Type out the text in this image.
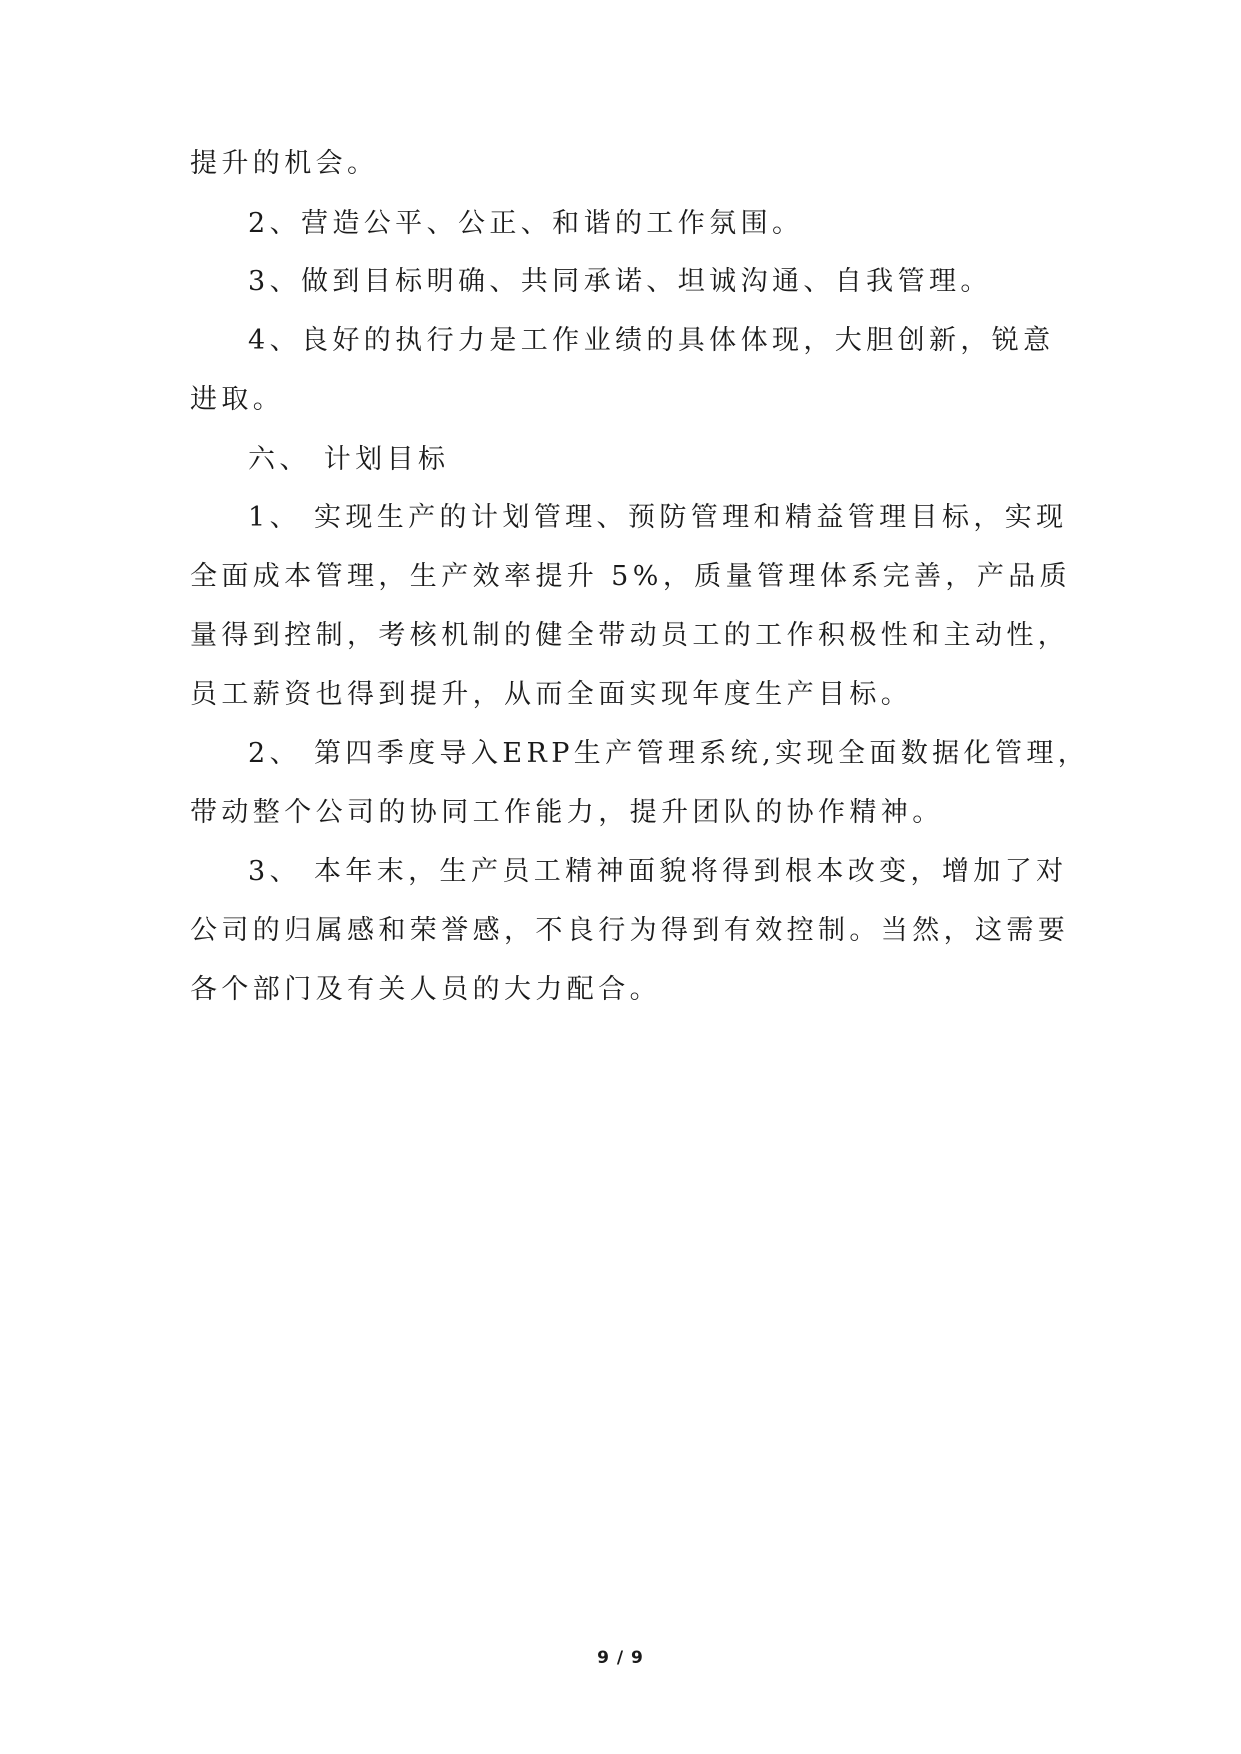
提升的机会。
2、营造公平、公正、和谐的工作氛围。
3、做到目标明确、共同承诺、坦诚沟通、自我管理。
4、良好的执行力是工作业绩的具体体现，大胆创新，锐意
进取。
六、 计划目标
1、 实现生产的计划管理、预防管理和精益管理目标，实现
全面成本管理，生产效率提升 5%，质量管理体系完善，产品质
量得到控制，考核机制的健全带动员工的工作积极性和主动性，
员工薪资也得到提升，从而全面实现年度生产目标。
2、 第四季度导入ERP生产管理系统,实现全面数据化管理，
带动整个公司的协同工作能力，提升团队的协作精神。
3、 本年末，生产员工精神面貌将得到根本改变，增加了对
公司的归属感和荣誉感，不良行为得到有效控制。当然，这需要
各个部门及有关人员的大力配合。
9 / 9
